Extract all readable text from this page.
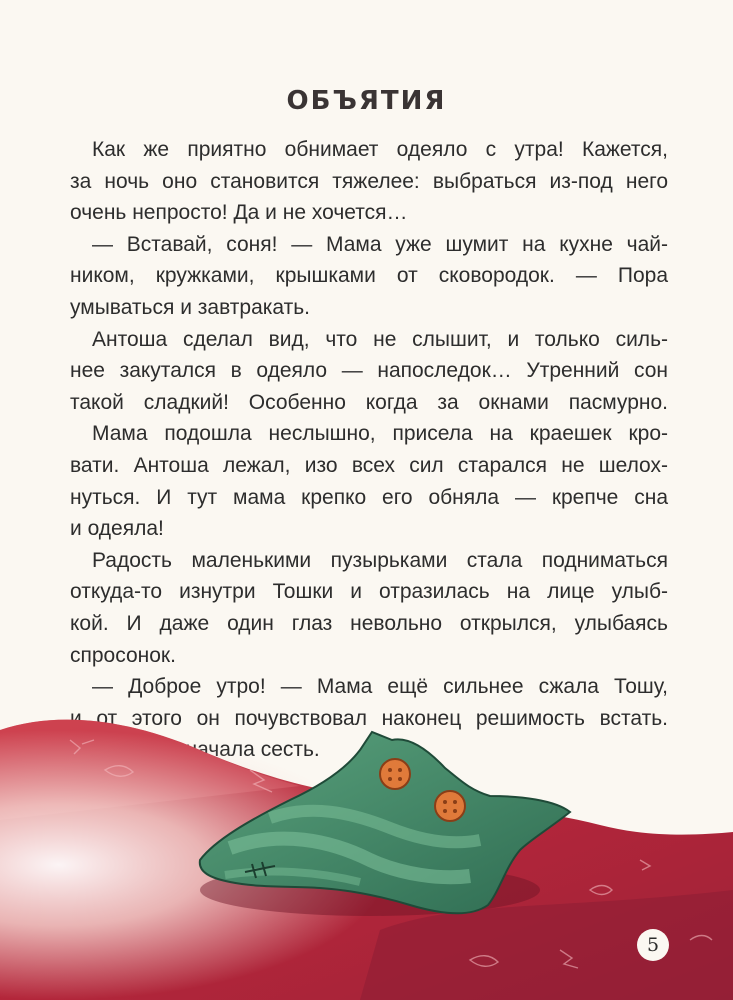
ОБЪЯТИЯ
Как же приятно обнимает одеяло с утра! Кажется,
за ночь оно становится тяжелее: выбраться из-под него
очень непросто! Да и не хочется…
— Вставай, соня! — Мама уже шумит на кухне чай-
ником, кружками, крышками от сковородок. — Пора
умываться и завтракать.
Антоша сделал вид, что не слышит, и только силь-
нее закутался в одеяло — напоследок… Утренний сон
такой сладкий! Особенно когда за окнами пасмурно.
Мама подошла неслышно, присела на краешек кро-
вати. Антоша лежал, изо всех сил старался не шелох-
нуться. И тут мама крепко его обняла — крепче сна
и одеяла!
Радость маленькими пузырьками стала подниматься
откуда-то изнутри Тошки и отразилась на лице улыб-
кой. И даже один глаз невольно открылся, улыбаясь
спросонок.
— Доброе утро! — Мама ещё сильнее сжала Тошу,
5
